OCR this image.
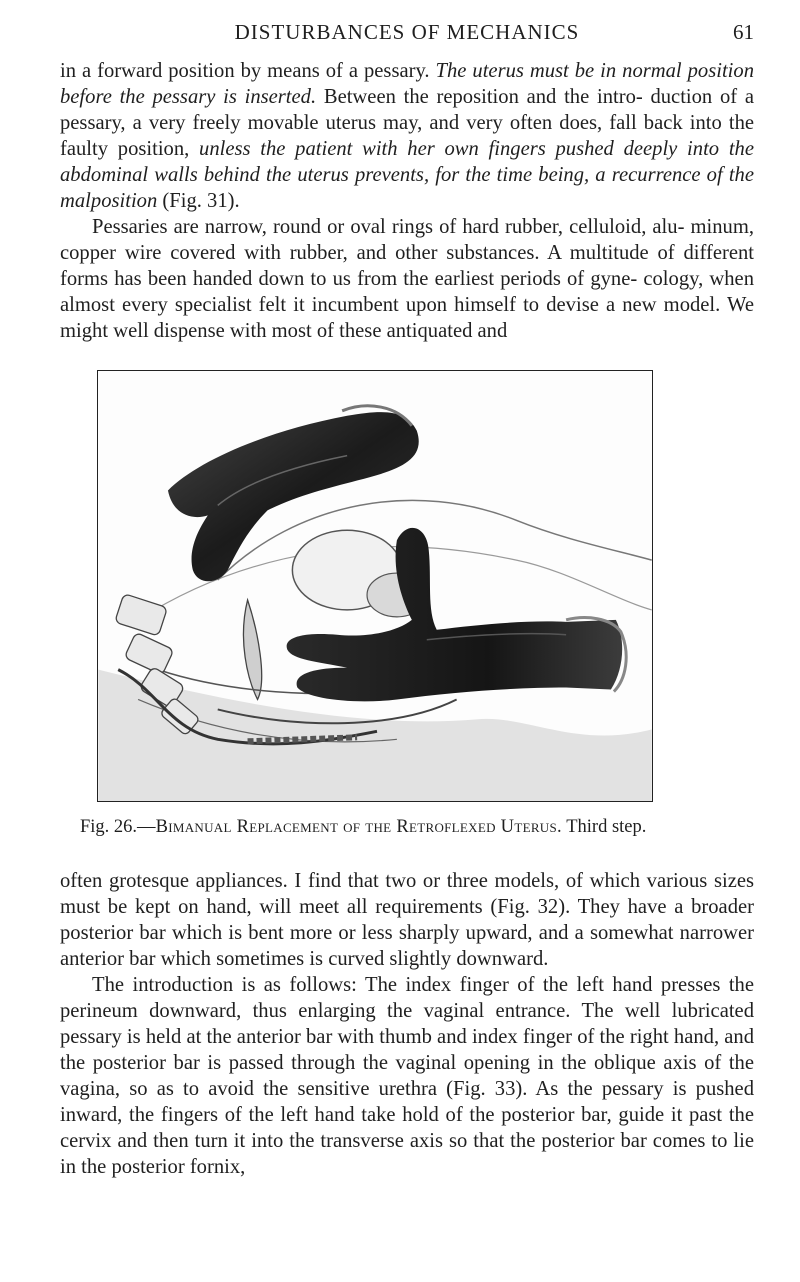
DISTURBANCES OF MECHANICS	61

in a forward position by means of a pessary. The uterus must be in normal position before the pessary is inserted. Between the reposition and the intro- duction of a pessary, a very freely movable uterus may, and very often does, fall back into the faulty position, unless the patient with her own fingers pushed deeply into the abdominal walls behind the uterus prevents, for the time being, a recurrence of the malposition (Fig. 31).

Pessaries are narrow, round or oval rings of hard rubber, celluloid, alu- minum, copper wire covered with rubber, and other substances. A multitude of different forms has been handed down to us from the earliest periods of gyne- cology, when almost every specialist felt it incumbent upon himself to devise a new model. We might well dispense with most of these antiquated and

Fig. 26.—Bimanual Replacement of the Retroflexed Uterus. Third step.

often grotesque appliances. I find that two or three models, of which various sizes must be kept on hand, will meet all requirements (Fig. 32). They have a broader posterior bar which is bent more or less sharply upward, and a somewhat narrower anterior bar which sometimes is curved slightly downward.

The introduction is as follows: The index finger of the left hand presses the perineum downward, thus enlarging the vaginal entrance. The well lubricated pessary is held at the anterior bar with thumb and index finger of the right hand, and the posterior bar is passed through the vaginal opening in the oblique axis of the vagina, so as to avoid the sensitive urethra (Fig. 33). As the pessary is pushed inward, the fingers of the left hand take hold of the posterior bar, guide it past the cervix and then turn it into the transverse axis so that the posterior bar comes to lie in the posterior fornix,
